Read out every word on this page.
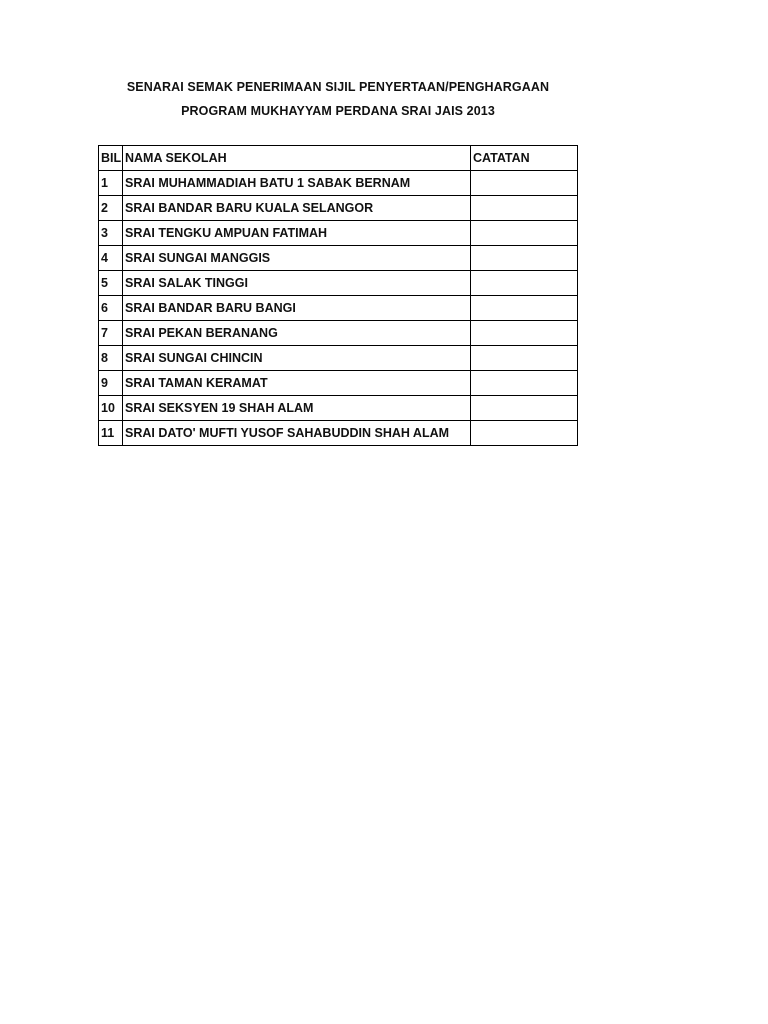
SENARAI SEMAK PENERIMAAN SIJIL PENYERTAAN/PENGHARGAAN
PROGRAM MUKHAYYAM PERDANA SRAI JAIS 2013
BIL	NAMA SEKOLAH	CATATAN
1	SRAI MUHAMMADIAH BATU 1 SABAK BERNAM	
2	SRAI BANDAR BARU KUALA SELANGOR	
3	SRAI TENGKU AMPUAN FATIMAH	
4	SRAI SUNGAI MANGGIS	
5	SRAI SALAK TINGGI	
6	SRAI BANDAR BARU BANGI	
7	SRAI PEKAN BERANANG	
8	SRAI SUNGAI CHINCIN	
9	SRAI TAMAN KERAMAT	
10	SRAI SEKSYEN 19 SHAH ALAM	
11	SRAI DATO' MUFTI YUSOF SAHABUDDIN SHAH ALAM	
